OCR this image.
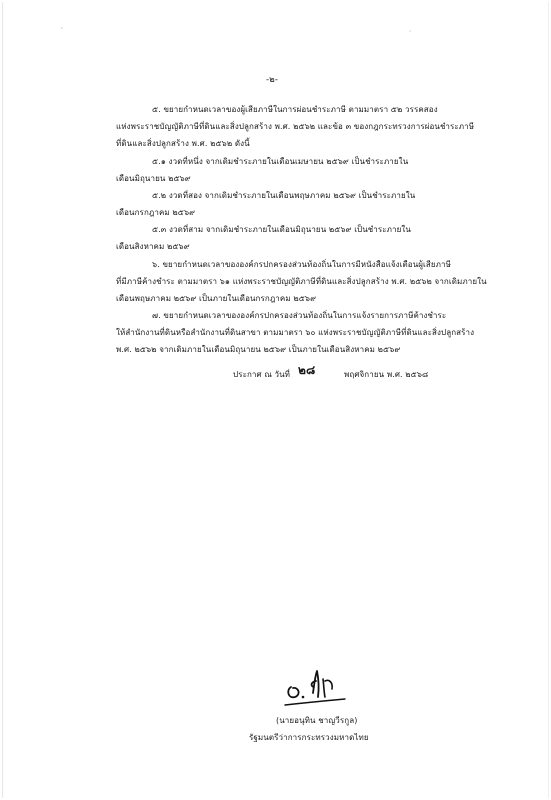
-๒-
๕. ขยายกำหนดเวลาของผู้เสียภาษีในการผ่อนชำระภาษี ตามมาตรา ๕๒ วรรคสอง
แห่งพระราชบัญญัติภาษีที่ดินและสิ่งปลูกสร้าง พ.ศ. ๒๕๖๒ และข้อ ๓ ของกฎกระทรวงการผ่อนชำระภาษี
ที่ดินและสิ่งปลูกสร้าง พ.ศ. ๒๕๖๒ ดังนี้
๕.๑ งวดที่หนึ่ง จากเดิมชำระภายในเดือนเมษายน ๒๕๖๙ เป็นชำระภายใน
เดือนมิถุนายน ๒๕๖๙
๕.๒ งวดที่สอง จากเดิมชำระภายในเดือนพฤษภาคม ๒๕๖๙ เป็นชำระภายใน
เดือนกรกฎาคม ๒๕๖๙
๕.๓ งวดที่สาม จากเดิมชำระภายในเดือนมิถุนายน ๒๕๖๙ เป็นชำระภายใน
เดือนสิงหาคม ๒๕๖๙
๖. ขยายกำหนดเวลาขององค์กรปกครองส่วนท้องถิ่นในการมีหนังสือแจ้งเตือนผู้เสียภาษี
ที่มีภาษีค้างชำระ ตามมาตรา ๖๑ แห่งพระราชบัญญัติภาษีที่ดินและสิ่งปลูกสร้าง พ.ศ. ๒๕๖๒ จากเดิมภายใน
เดือนพฤษภาคม ๒๕๖๙ เป็นภายในเดือนกรกฎาคม ๒๕๖๙
๗. ขยายกำหนดเวลาขององค์กรปกครองส่วนท้องถิ่นในการแจ้งรายการภาษีค้างชำระ
ให้สำนักงานที่ดินหรือสำนักงานที่ดินสาขา ตามมาตรา ๖๐ แห่งพระราชบัญญัติภาษีที่ดินและสิ่งปลูกสร้าง
พ.ศ. ๒๕๖๒ จากเดิมภายในเดือนมิถุนายน ๒๕๖๙ เป็นภายในเดือนสิงหาคม ๒๕๖๙
ประกาศ ณ วันที่ ๒๘	พฤศจิกายน พ.ศ. ๒๕๖๘
(นายอนุทิน ชาญวีรกูล)
รัฐมนตรีว่าการกระทรวงมหาดไทย
